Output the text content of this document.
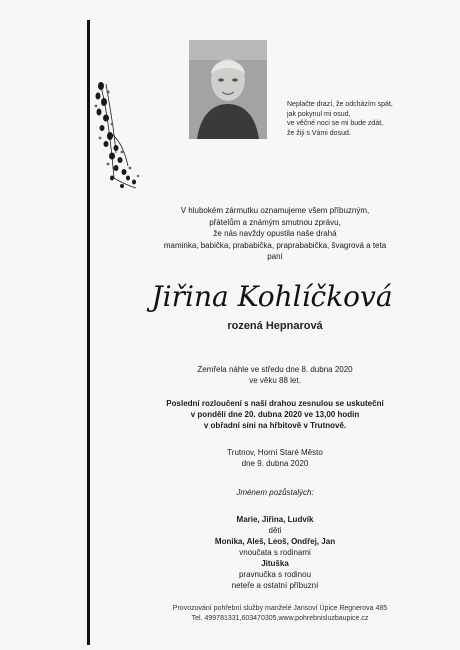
Neplačte drazí, že odcházím spát,
jak pokynul mi osud,
ve věčné noci se mi bude zdát,
že žiji s Vámi dosud.
V hlubokém zármutku oznamujeme všem příbuzným,
přátelům a známým smutnou zprávu,
že nás navždy opustila naše drahá
maminka, babička, prababička, praprababička, švagrová a teta
paní
Jiřina Kohlíčková
rozená Hepnarová
Zemřela náhle ve středu dne 8. dubna 2020
ve věku 88 let.
Poslední rozloučení s naší drahou zesnulou se uskuteční
v pondělí dne 20. dubna 2020 ve 13,00 hodin
v obřadní síni na hřbitově v Trutnově.
Trutnov, Horní Staré Město
dne 9. dubna 2020
Jménem pozůstalých:
Marie, Jiřina, Ludvík
děti
Monika, Aleš, Leoš, Ondřej, Jan
vnoučata s rodinami
Jituška
pravnučka s rodinou
neteře a ostatní příbuzní
Provozování pohřební služby manželé Jansoví Úpice Regnerova 485
Tel. 499781331,603470305,www.pohrebnisluzbaupice.cz
